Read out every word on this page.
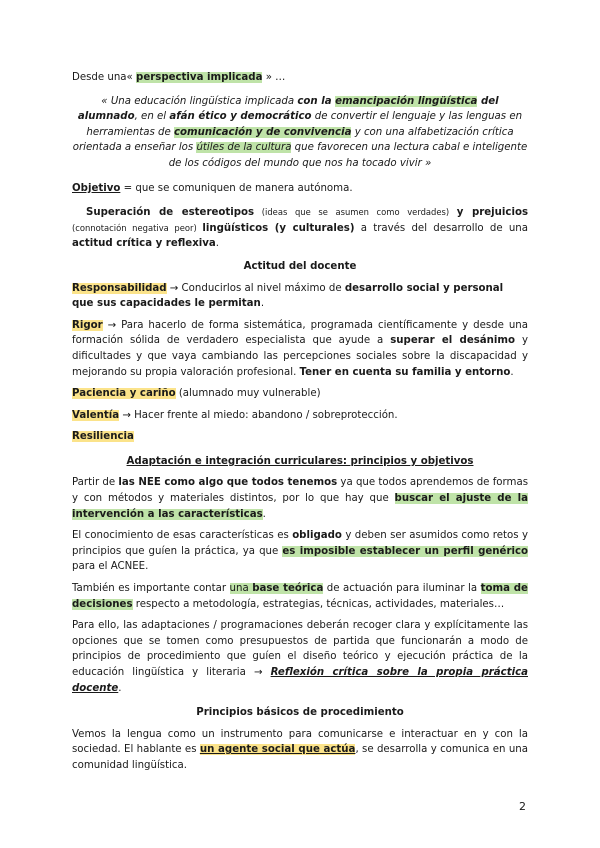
Desde una« perspectiva implicada » …

« Una educación lingüística implicada con la emancipación lingüística del alumnado, en el afán ético y democrático de convertir el lenguaje y las lenguas en herramientas de comunicación y de convivencia y con una alfabetización crítica orientada a enseñar los útiles de la cultura que favorecen una lectura cabal e inteligente de los códigos del mundo que nos ha tocado vivir »

Objetivo = que se comuniquen de manera autónoma.

Superación de estereotipos (ideas que se asumen como verdades) y prejuicios (connotación negativa peor) lingüísticos (y culturales) a través del desarrollo de una actitud crítica y reflexiva.

Actitud del docente

Responsabilidad → Conducirlos al nivel máximo de desarrollo social y personal que sus capacidades le permitan.

Rigor → Para hacerlo de forma sistemática, programada científicamente y desde una formación sólida de verdadero especialista que ayude a superar el desánimo y dificultades y que vaya cambiando las percepciones sociales sobre la discapacidad y mejorando su propia valoración profesional. Tener en cuenta su familia y entorno.

Paciencia y cariño (alumnado muy vulnerable)

Valentía → Hacer frente al miedo: abandono / sobreprotección.

Resiliencia

Adaptación e integración curriculares: principios y objetivos

Partir de las NEE como algo que todos tenemos ya que todos aprendemos de formas y con métodos y materiales distintos, por lo que hay que buscar el ajuste de la intervención a las características.

El conocimiento de esas características es obligado y deben ser asumidos como retos y principios que guíen la práctica, ya que es imposible establecer un perfil genérico para el ACNEE.

También es importante contar una base teórica de actuación para iluminar la toma de decisiones respecto a metodología, estrategias, técnicas, actividades, materiales…

Para ello, las adaptaciones / programaciones deberán recoger clara y explícitamente las opciones que se tomen como presupuestos de partida que funcionarán a modo de principios de procedimiento que guíen el diseño teórico y ejecución práctica de la educación lingüística y literaria → Reflexión crítica sobre la propia práctica docente.

Principios básicos de procedimiento

Vemos la lengua como un instrumento para comunicarse e interactuar en y con la sociedad. El hablante es un agente social que actúa, se desarrolla y comunica en una comunidad lingüística.

2
